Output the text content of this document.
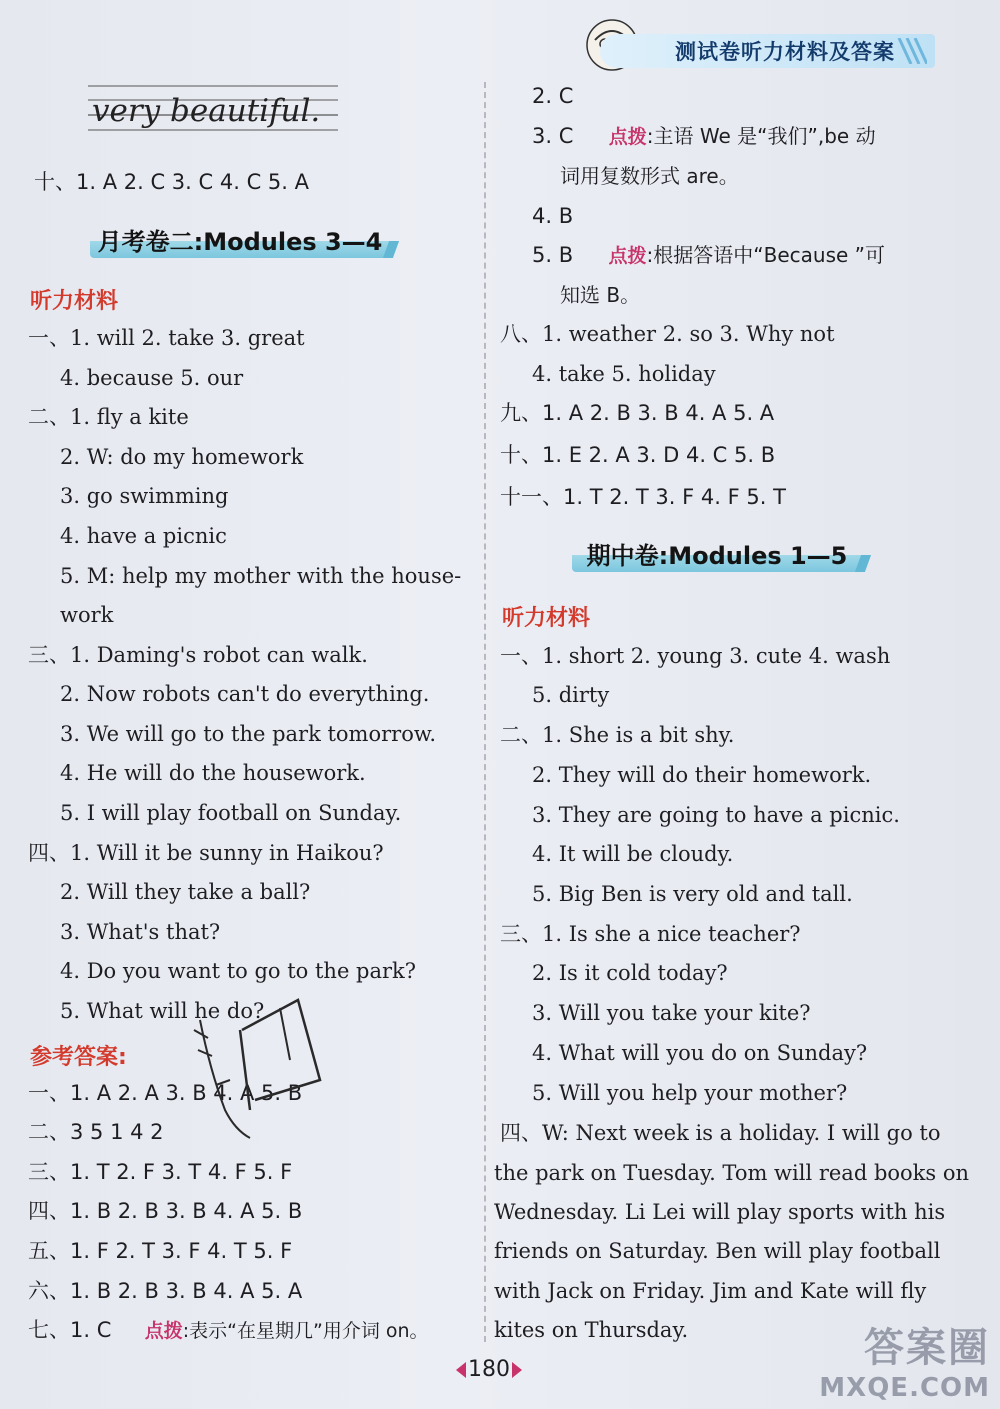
测试卷听力材料及答案
very beautiful.
十、1. A 2. C 3. C 4. C 5. A
月考卷二:Modules 3—4
听力材料
一、1. will 2. take 3. great
4. because 5. our
二、1. fly a kite
2. W: do my homework
3. go swimming
4. have a picnic
5. M: help my mother with the house-
work
三、1. Daming's robot can walk.
2. Now robots can't do everything.
3. We will go to the park tomorrow.
4. He will do the housework.
5. I will play football on Sunday.
四、1. Will it be sunny in Haikou?
2. Will they take a ball?
3. What's that?
4. Do you want to go to the park?
5. What will he do?
参考答案:
一、1. A 2. A 3. B 4. A 5. B
二、3 5 1 4 2
三、1. T 2. F 3. T 4. F 5. F
四、1. B 2. B 3. B 4. A 5. B
五、1. F 2. T 3. F 4. T 5. F
六、1. B 2. B 3. B 4. A 5. A
七、1. C 点拨:表示“在星期几”用介词 on。
2. C
3. C 点拨:主语 We 是“我们”,be 动
词用复数形式 are。
4. B
5. B 点拨:根据答语中“Because ”可
知选 B。
八、1. weather 2. so 3. Why not
4. take 5. holiday
九、1. A 2. B 3. B 4. A 5. A
十、1. E 2. A 3. D 4. C 5. B
十一、1. T 2. T 3. F 4. F 5. T
期中卷:Modules 1—5
听力材料
一、1. short 2. young 3. cute 4. wash
5. dirty
二、1. She is a bit shy.
2. They will do their homework.
3. They are going to have a picnic.
4. It will be cloudy.
5. Big Ben is very old and tall.
三、1. Is she a nice teacher?
2. Is it cold today?
3. Will you take your kite?
4. What will you do on Sunday?
5. Will you help your mother?
四、W: Next week is a holiday. I will go to
the park on Tuesday. Tom will read books on
Wednesday. Li Lei will play sports with his
friends on Saturday. Ben will play football
with Jack on Friday. Jim and Kate will fly
kites on Thursday.
180	答案圈
MXQE.COM
